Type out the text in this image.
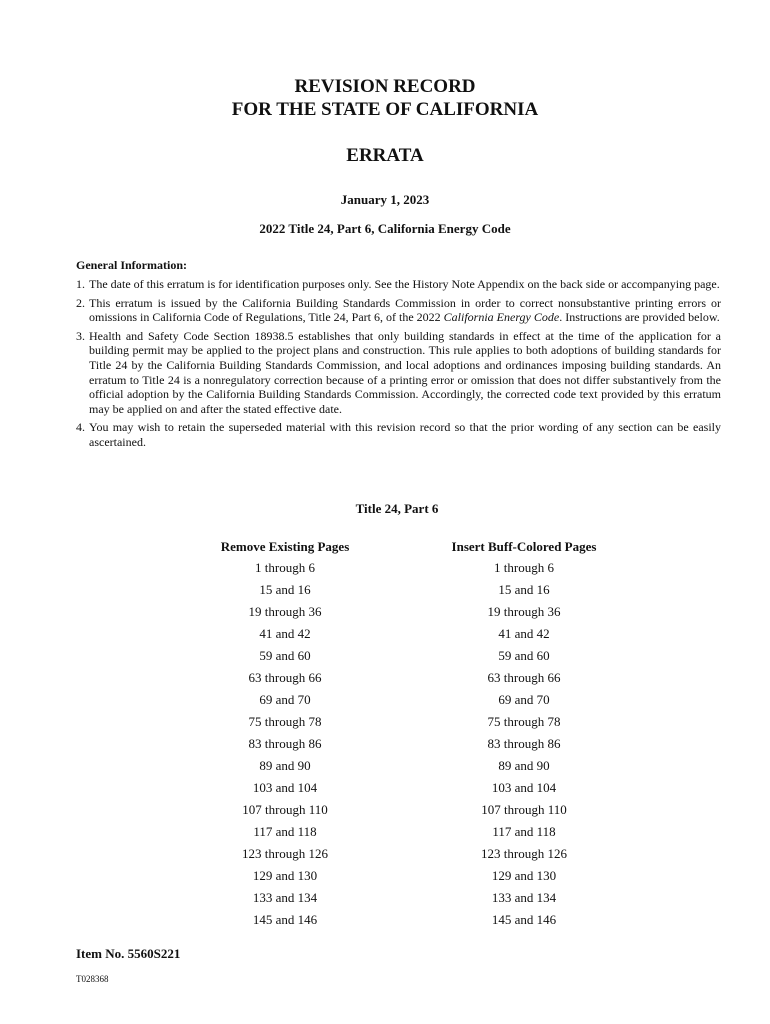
REVISION RECORD
FOR THE STATE OF CALIFORNIA
ERRATA
January 1, 2023
2022 Title 24, Part 6, California Energy Code
General Information:
1. The date of this erratum is for identification purposes only. See the History Note Appendix on the back side or accompanying page.
2. This erratum is issued by the California Building Standards Commission in order to correct nonsubstantive printing errors or omissions in California Code of Regulations, Title 24, Part 6, of the 2022 California Energy Code. Instructions are provided below.
3. Health and Safety Code Section 18938.5 establishes that only building standards in effect at the time of the application for a building permit may be applied to the project plans and construction. This rule applies to both adoptions of building standards for Title 24 by the California Building Standards Commission, and local adoptions and ordinances imposing building standards. An erratum to Title 24 is a nonregulatory correction because of a printing error or omission that does not differ substantively from the official adoption by the California Building Standards Commission. Accordingly, the corrected code text provided by this erratum may be applied on and after the stated effective date.
4. You may wish to retain the superseded material with this revision record so that the prior wording of any section can be easily ascertained.
Title 24, Part 6
Remove Existing Pages
1 through 6
15 and 16
19 through 36
41 and 42
59 and 60
63 through 66
69 and 70
75 through 78
83 through 86
89 and 90
103 and 104
107 through 110
117 and 118
123 through 126
129 and 130
133 and 134
145 and 146
Insert Buff-Colored Pages
1 through 6
15 and 16
19 through 36
41 and 42
59 and 60
63 through 66
69 and 70
75 through 78
83 through 86
89 and 90
103 and 104
107 through 110
117 and 118
123 through 126
129 and 130
133 and 134
145 and 146
Item No. 5560S221
T028368
